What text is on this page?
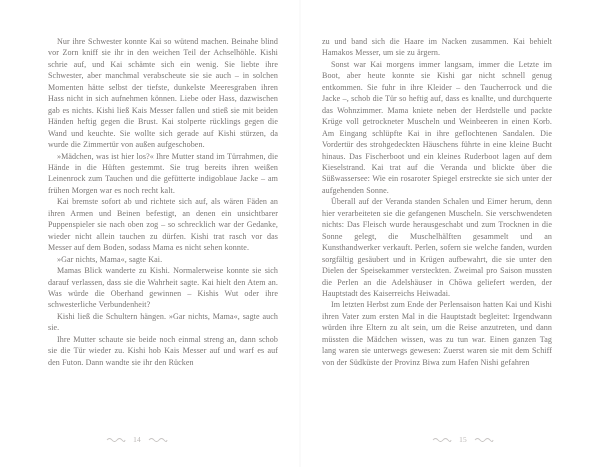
Nur ihre Schwester konnte Kai so wütend machen. Beinahe blind vor Zorn kniff sie ihr in den weichen Teil der Achselhöhle. Kishi schrie auf, und Kai schämte sich ein wenig. Sie liebte ihre Schwester, aber manchmal verabscheute sie sie auch – in solchen Momenten hätte selbst der tiefste, dunkelste Meeresgraben ihren Hass nicht in sich aufnehmen können. Liebe oder Hass, dazwischen gab es nichts. Kishi ließ Kais Messer fallen und stieß sie mit beiden Händen heftig gegen die Brust. Kai stolperte rücklings gegen die Wand und keuchte. Sie wollte sich gerade auf Kishi stürzen, da wurde die Zimmertür von außen aufgeschoben.

»Mädchen, was ist hier los?« Ihre Mutter stand im Türrahmen, die Hände in die Hüften gestemmt. Sie trug bereits ihren weißen Leinenrock zum Tauchen und die gefütterte indigoblaue Jacke – am frühen Morgen war es noch recht kalt.

Kai bremste sofort ab und richtete sich auf, als wären Fäden an ihren Armen und Beinen befestigt, an denen ein unsichtbarer Puppenspieler sie nach oben zog – so schrecklich war der Gedanke, wieder nicht allein tauchen zu dürfen. Kishi trat rasch vor das Messer auf dem Boden, sodass Mama es nicht sehen konnte.

»Gar nichts, Mama«, sagte Kai.

Mamas Blick wanderte zu Kishi. Normalerweise konnte sie sich darauf verlassen, dass sie die Wahrheit sagte. Kai hielt den Atem an. Was würde die Oberhand gewinnen – Kishis Wut oder ihre schwesterliche Verbundenheit?

Kishi ließ die Schultern hängen. »Gar nichts, Mama«, sagte auch sie.

Ihre Mutter schaute sie beide noch einmal streng an, dann schob sie die Tür wieder zu. Kishi hob Kais Messer auf und warf es auf den Futon. Dann wandte sie ihr den Rücken

14

zu und band sich die Haare im Nacken zusammen. Kai behielt Hamakos Messer, um sie zu ärgern.

Sonst war Kai morgens immer langsam, immer die Letzte im Boot, aber heute konnte sie Kishi gar nicht schnell genug entkommen. Sie fuhr in ihre Kleider – den Taucherrock und die Jacke –, schob die Tür so heftig auf, dass es knallte, und durchquerte das Wohnzimmer. Mama kniete neben der Herdstelle und packte Krüge voll getrockneter Muscheln und Weinbeeren in einen Korb. Am Eingang schlüpfte Kai in ihre geflochtenen Sandalen. Die Vordertür des strohgedeckten Häuschens führte in eine kleine Bucht hinaus. Das Fischerboot und ein kleines Ruderboot lagen auf dem Kieselstrand. Kai trat auf die Veranda und blickte über die Süßwassersee: Wie ein rosaroter Spiegel erstreckte sie sich unter der aufgehenden Sonne.

Überall auf der Veranda standen Schalen und Eimer herum, denn hier verarbeiteten sie die gefangenen Muscheln. Sie verschwendeten nichts: Das Fleisch wurde herausgeschabt und zum Trocknen in die Sonne gelegt, die Muschelhälften gesammelt und an Kunsthandwerker verkauft. Perlen, sofern sie welche fanden, wurden sorgfältig gesäubert und in Krügen aufbewahrt, die sie unter den Dielen der Speisekammer versteckten. Zweimal pro Saison mussten die Perlen an die Adelshäuser in Chōwa geliefert werden, der Hauptstadt des Kaiserreichs Heiwadai.

Im letzten Herbst zum Ende der Perlensaison hatten Kai und Kishi ihren Vater zum ersten Mal in die Hauptstadt begleitet: Irgendwann würden ihre Eltern zu alt sein, um die Reise anzutreten, und dann müssten die Mädchen wissen, was zu tun war. Einen ganzen Tag lang waren sie unterwegs gewesen: Zuerst waren sie mit dem Schiff von der Südküste der Provinz Biwa zum Hafen Nishi gefahren

15
